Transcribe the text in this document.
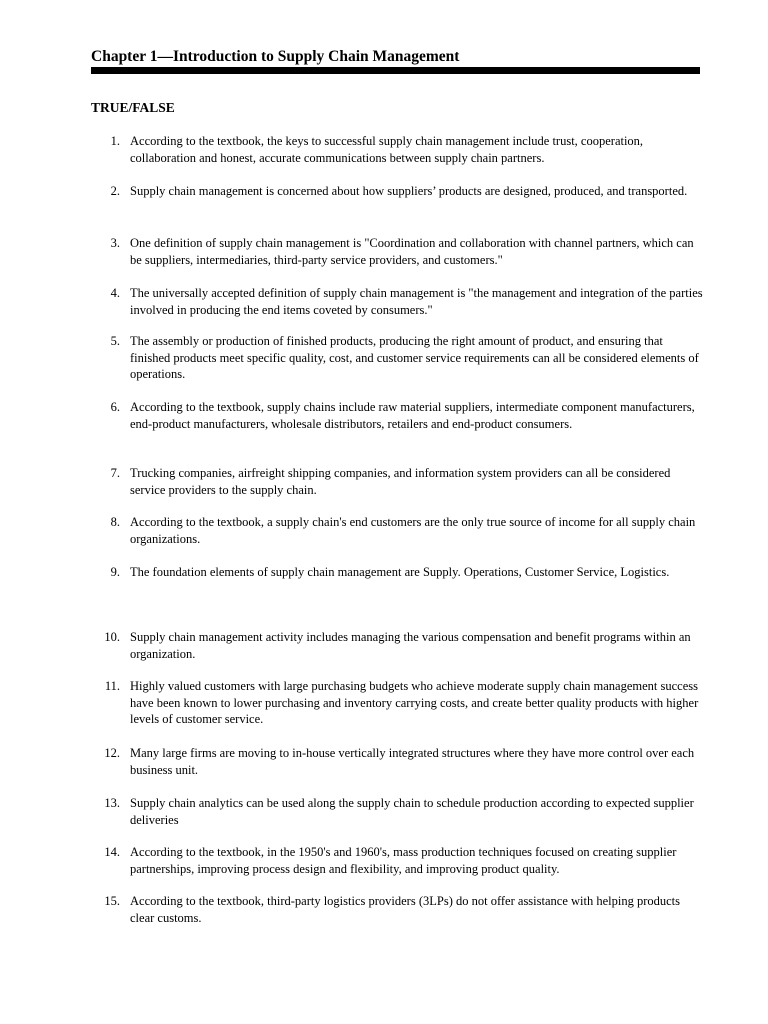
Chapter 1—Introduction to Supply Chain Management
TRUE/FALSE
1. According to the textbook, the keys to successful supply chain management include trust, cooperation, collaboration and honest, accurate communications between supply chain partners.
2. Supply chain management is concerned about how suppliers’ products are designed, produced, and transported.
3. One definition of supply chain management is "Coordination and collaboration with channel partners, which can be suppliers, intermediaries, third-party service providers, and customers."
4. The universally accepted definition of supply chain management is "the management and integration of the parties involved in producing the end items coveted by consumers."
5. The assembly or production of finished products, producing the right amount of product, and ensuring that finished products meet specific quality, cost, and customer service requirements can all be considered elements of operations.
6. According to the textbook, supply chains include raw material suppliers, intermediate component manufacturers, end-product manufacturers, wholesale distributors, retailers and end-product consumers.
7. Trucking companies, airfreight shipping companies, and information system providers can all be considered service providers to the supply chain.
8. According to the textbook, a supply chain's end customers are the only true source of income for all supply chain organizations.
9. The foundation elements of supply chain management are Supply. Operations, Customer Service, Logistics.
10. Supply chain management activity includes managing the various compensation and benefit programs within an organization.
11. Highly valued customers with large purchasing budgets who achieve moderate supply chain management success have been known to lower purchasing and inventory carrying costs, and create better quality products with higher levels of customer service.
12. Many large firms are moving to in-house vertically integrated structures where they have more control over each business unit.
13. Supply chain analytics can be used along the supply chain to schedule production according to expected supplier deliveries
14. According to the textbook, in the 1950's and 1960's, mass production techniques focused on creating supplier partnerships, improving process design and flexibility, and improving product quality.
15. According to the textbook, third-party logistics providers (3LPs) do not offer assistance with helping products clear customs.
